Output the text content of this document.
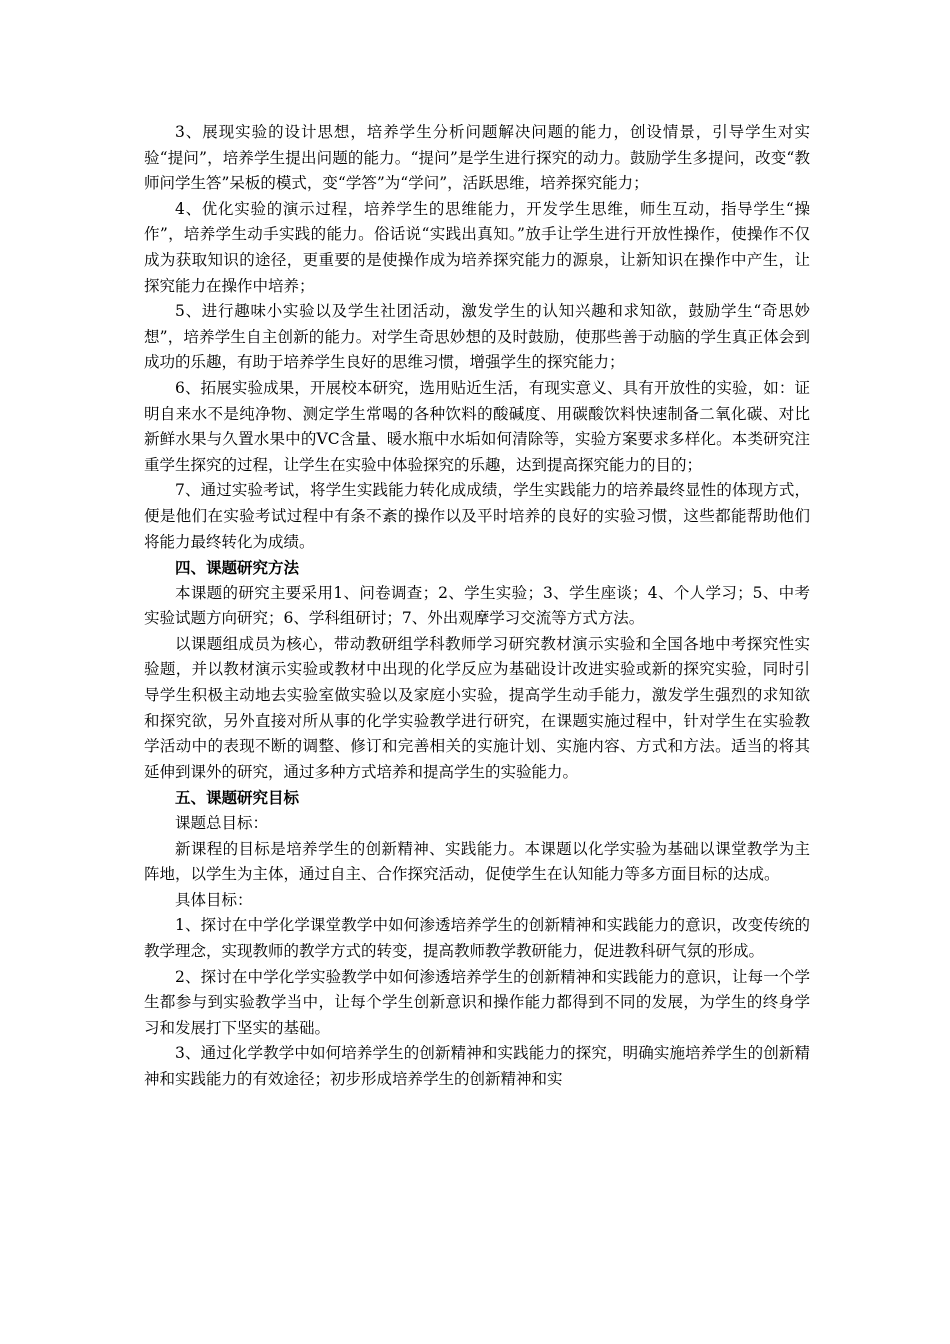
3、展现实验的设计思想，培养学生分析问题解决问题的能力，创设情景，引导学生对实验“提问”，培养学生提出问题的能力。“提问”是学生进行探究的动力。鼓励学生多提问，改变“教师问学生答”呆板的模式，变“学答”为“学问”，活跃思维，培养探究能力；

4、优化实验的演示过程，培养学生的思维能力，开发学生思维，师生互动，指导学生“操作”，培养学生动手实践的能力。俗话说“实践出真知。”放手让学生进行开放性操作，使操作不仅成为获取知识的途径，更重要的是使操作成为培养探究能力的源泉，让新知识在操作中产生，让探究能力在操作中培养；

5、进行趣味小实验以及学生社团活动，激发学生的认知兴趣和求知欲，鼓励学生“奇思妙想”，培养学生自主创新的能力。对学生奇思妙想的及时鼓励，使那些善于动脑的学生真正体会到成功的乐趣，有助于培养学生良好的思维习惯，增强学生的探究能力；

6、拓展实验成果，开展校本研究，选用贴近生活，有现实意义、具有开放性的实验，如：证明自来水不是纯净物、测定学生常喝的各种饮料的酸碱度、用碳酸饮料快速制备二氧化碳、对比新鲜水果与久置水果中的VC含量、暖水瓶中水垢如何清除等，实验方案要求多样化。本类研究注重学生探究的过程，让学生在实验中体验探究的乐趣，达到提高探究能力的目的；

7、通过实验考试，将学生实践能力转化成成绩，学生实践能力的培养最终显性的体现方式，便是他们在实验考试过程中有条不紊的操作以及平时培养的良好的实验习惯，这些都能帮助他们将能力最终转化为成绩。

四、课题研究方法

本课题的研究主要采用1、问卷调查；2、学生实验；3、学生座谈；4、个人学习；5、中考实验试题方向研究；6、学科组研讨；7、外出观摩学习交流等方式方法。

以课题组成员为核心，带动教研组学科教师学习研究教材演示实验和全国各地中考探究性实验题，并以教材演示实验或教材中出现的化学反应为基础设计改进实验或新的探究实验，同时引导学生积极主动地去实验室做实验以及家庭小实验，提高学生动手能力，激发学生强烈的求知欲和探究欲，另外直接对所从事的化学实验教学进行研究，在课题实施过程中，针对学生在实验教学活动中的表现不断的调整、修订和完善相关的实施计划、实施内容、方式和方法。适当的将其延伸到课外的研究，通过多种方式培养和提高学生的实验能力。

五、课题研究目标

课题总目标：

新课程的目标是培养学生的创新精神、实践能力。本课题以化学实验为基础以课堂教学为主阵地，以学生为主体，通过自主、合作探究活动，促使学生在认知能力等多方面目标的达成。

具体目标：

1、探讨在中学化学课堂教学中如何渗透培养学生的创新精神和实践能力的意识，改变传统的教学理念，实现教师的教学方式的转变，提高教师教学教研能力，促进教科研气氛的形成。

2、探讨在中学化学实验教学中如何渗透培养学生的创新精神和实践能力的意识，让每一个学生都参与到实验教学当中，让每个学生创新意识和操作能力都得到不同的发展，为学生的终身学习和发展打下坚实的基础。

3、通过化学教学中如何培养学生的创新精神和实践能力的探究，明确实施培养学生的创新精神和实践能力的有效途径；初步形成培养学生的创新精神和实
